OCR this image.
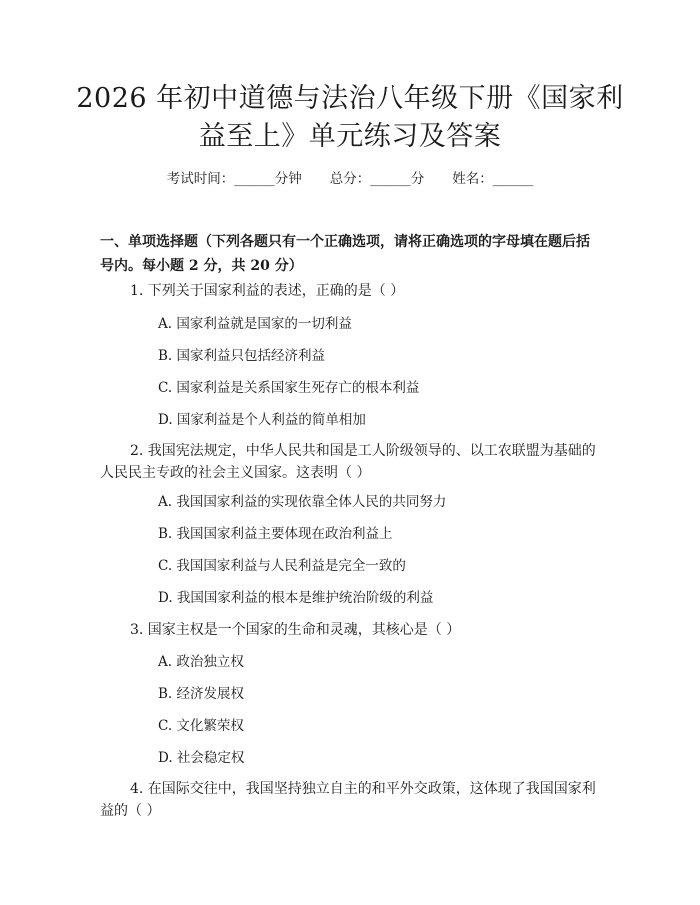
2026 年初中道德与法治八年级下册《国家利
益至上》单元练习及答案
考试时间：______分钟 总分：______分 姓名：______
一、单项选择题（下列各题只有一个正确选项，请将正确选项的字母填在题后括号内。每小题 2 分，共 20 分）
1. 下列关于国家利益的表述，正确的是（ ）
A. 国家利益就是国家的一切利益
B. 国家利益只包括经济利益
C. 国家利益是关系国家生死存亡的根本利益
D. 国家利益是个人利益的简单相加
2. 我国宪法规定，中华人民共和国是工人阶级领导的、以工农联盟为基础的人民民主专政的社会主义国家。这表明（ ）
A. 我国国家利益的实现依靠全体人民的共同努力
B. 我国国家利益主要体现在政治利益上
C. 我国国家利益与人民利益是完全一致的
D. 我国国家利益的根本是维护统治阶级的利益
3. 国家主权是一个国家的生命和灵魂，其核心是（ ）
A. 政治独立权
B. 经济发展权
C. 文化繁荣权
D. 社会稳定权
4. 在国际交往中，我国坚持独立自主的和平外交政策，这体现了我国国家利益的（ ）
